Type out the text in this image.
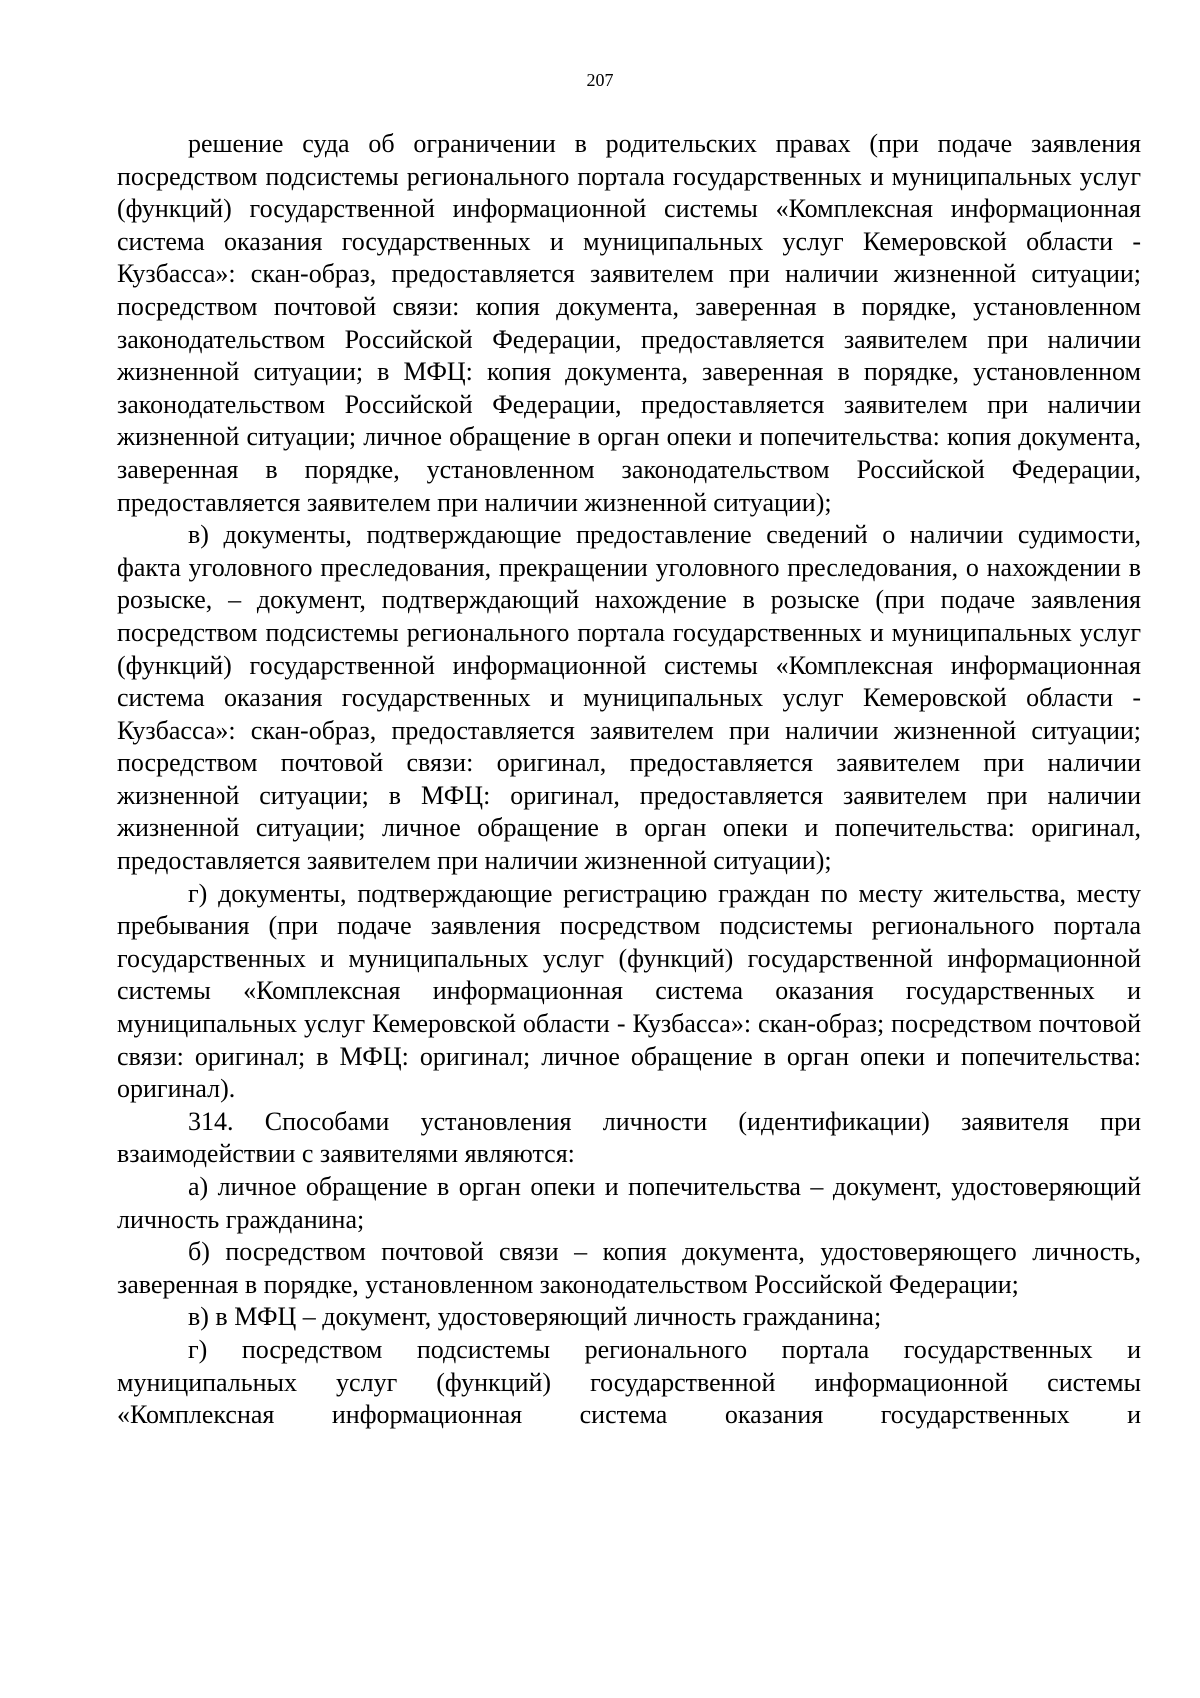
207

решение суда об ограничении в родительских правах (при подаче заявления посредством подсистемы регионального портала государственных и муниципальных услуг (функций) государственной информационной системы «Комплексная информационная система оказания государственных и муниципальных услуг Кемеровской области - Кузбасса»: скан-образ, предоставляется заявителем при наличии жизненной ситуации; посредством почтовой связи: копия документа, заверенная в порядке, установленном законодательством Российской Федерации, предоставляется заявителем при наличии жизненной ситуации; в МФЦ: копия документа, заверенная в порядке, установленном законодательством Российской Федерации, предоставляется заявителем при наличии жизненной ситуации; личное обращение в орган опеки и попечительства: копия документа, заверенная в порядке, установленном законодательством Российской Федерации, предоставляется заявителем при наличии жизненной ситуации);

в) документы, подтверждающие предоставление сведений о наличии судимости, факта уголовного преследования, прекращении уголовного преследования, о нахождении в розыске, – документ, подтверждающий нахождение в розыске (при подаче заявления посредством подсистемы регионального портала государственных и муниципальных услуг (функций) государственной информационной системы «Комплексная информационная система оказания государственных и муниципальных услуг Кемеровской области - Кузбасса»: скан-образ, предоставляется заявителем при наличии жизненной ситуации; посредством почтовой связи: оригинал, предоставляется заявителем при наличии жизненной ситуации; в МФЦ: оригинал, предоставляется заявителем при наличии жизненной ситуации; личное обращение в орган опеки и попечительства: оригинал, предоставляется заявителем при наличии жизненной ситуации);

г) документы, подтверждающие регистрацию граждан по месту жительства, месту пребывания (при подаче заявления посредством подсистемы регионального портала государственных и муниципальных услуг (функций) государственной информационной системы «Комплексная информационная система оказания государственных и муниципальных услуг Кемеровской области - Кузбасса»: скан-образ; посредством почтовой связи: оригинал; в МФЦ: оригинал; личное обращение в орган опеки и попечительства: оригинал).

314. Способами установления личности (идентификации) заявителя при взаимодействии с заявителями являются:

а) личное обращение в орган опеки и попечительства – документ, удостоверяющий личность гражданина;

б) посредством почтовой связи – копия документа, удостоверяющего личность, заверенная в порядке, установленном законодательством Российской Федерации;

в) в МФЦ – документ, удостоверяющий личность гражданина;

г) посредством подсистемы регионального портала государственных и муниципальных услуг (функций) государственной информационной системы «Комплексная информационная система оказания государственных и
